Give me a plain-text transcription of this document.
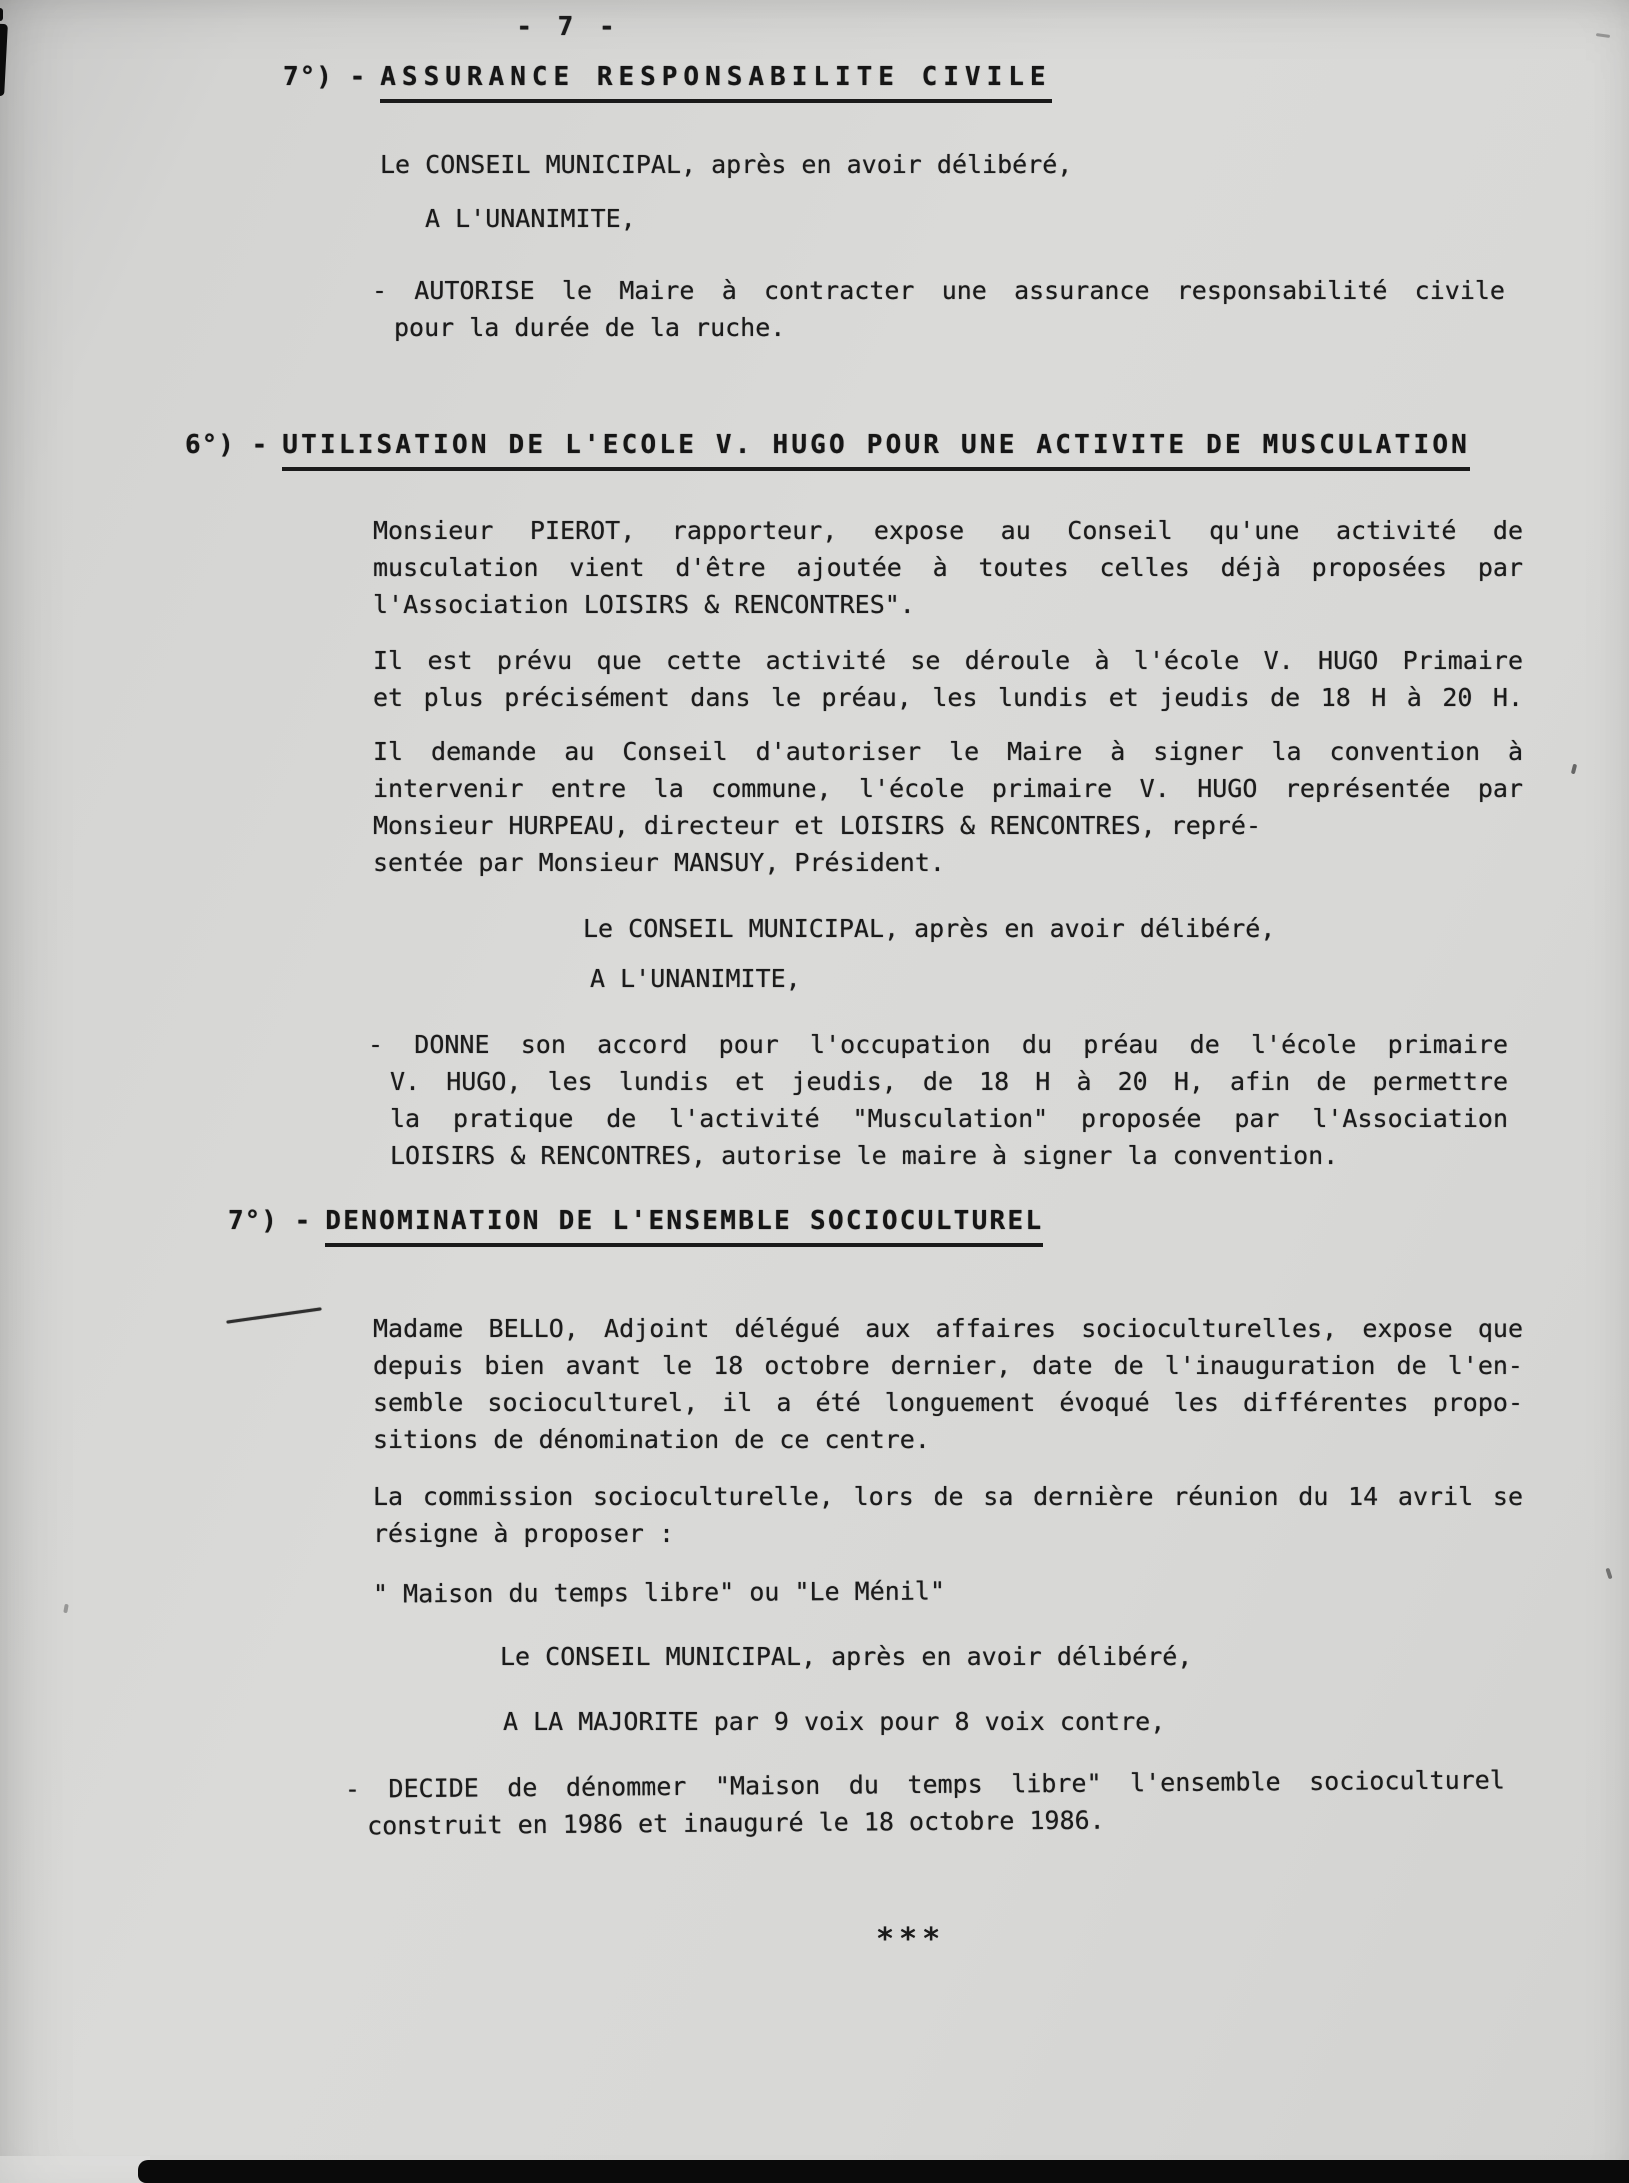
- 7 -
7°) - ASSURANCE RESPONSABILITE CIVILE
Le CONSEIL MUNICIPAL, après en avoir délibéré,
A L'UNANIMITE,
- AUTORISE le Maire à contracter une assurance responsabilité civile
pour la durée de la ruche.
6°) - UTILISATION DE L'ECOLE V. HUGO POUR UNE ACTIVITE DE MUSCULATION
Monsieur PIEROT, rapporteur, expose au Conseil qu'une activité de
musculation vient d'être ajoutée à toutes celles déjà proposées par
l'Association LOISIRS & RENCONTRES".
Il est prévu que cette activité se déroule à l'école V. HUGO Primaire
et plus précisément dans le préau, les lundis et jeudis de 18 H à 20 H.
Il demande au Conseil d'autoriser le Maire à signer la convention à
intervenir entre la commune, l'école primaire V. HUGO représentée par
Monsieur HURPEAU, directeur et LOISIRS & RENCONTRES, repré-
sentée par Monsieur MANSUY, Président.
Le CONSEIL MUNICIPAL, après en avoir délibéré,
A L'UNANIMITE,
- DONNE son accord pour l'occupation du préau de l'école primaire
V. HUGO, les lundis et jeudis, de 18 H à 20 H, afin de permettre
la pratique de l'activité "Musculation" proposée par l'Association
LOISIRS & RENCONTRES, autorise le maire à signer la convention.
7°) - DENOMINATION DE L'ENSEMBLE SOCIOCULTUREL
Madame BELLO, Adjoint délégué aux affaires socioculturelles, expose que
depuis bien avant le 18 octobre dernier, date de l'inauguration de l'en-
semble socioculturel, il a été longuement évoqué les différentes propo-
sitions de dénomination de ce centre.
La commission socioculturelle, lors de sa dernière réunion du 14 avril se
résigne à proposer :
" Maison du temps libre" ou "Le Ménil"
Le CONSEIL MUNICIPAL, après en avoir délibéré,
A LA MAJORITE par 9 voix pour 8 voix contre,
- DECIDE de dénommer "Maison du temps libre" l'ensemble socioculturel
construit en 1986 et inauguré le 18 octobre 1986.
***
